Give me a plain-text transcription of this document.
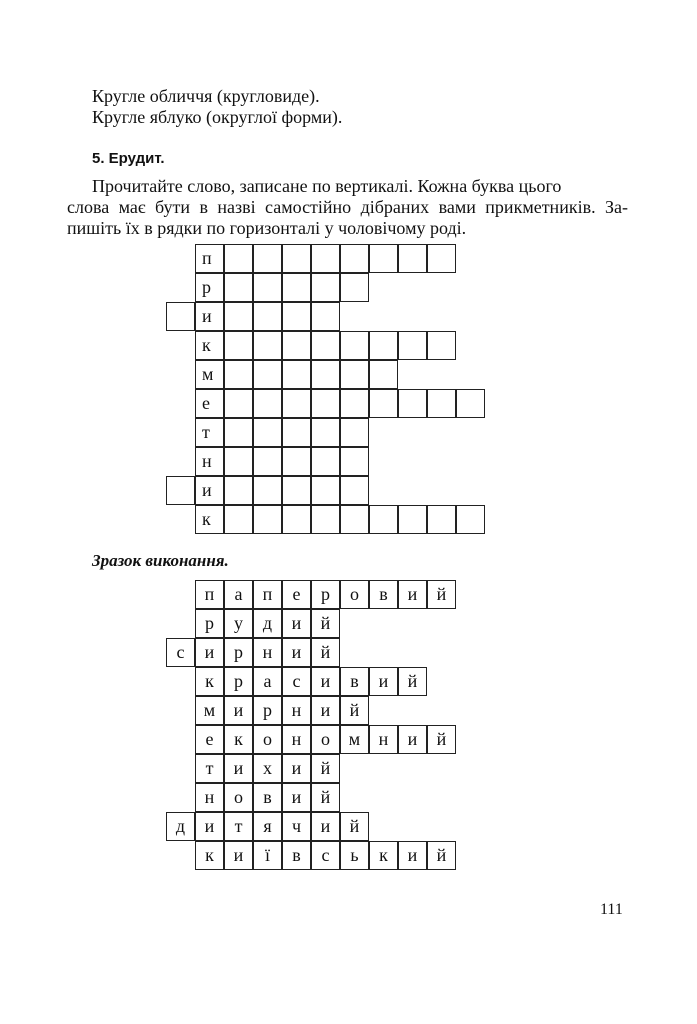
Кругле обличчя (кругловиде).
Кругле яблуко (округлої форми).
5. Ерудит.
Прочитайте слово, записане по вертикалі. Кожна буква цього
слова має бути в назві самостійно дібраних вами прикметників. За-
пишіть їх в рядки по горизонталі у чоловічому роді.
п
р
и
к
м
е
т
н
и
к
Зразок виконання.
п	а	п	е	р	о	в	и	й
р	у	д	и	й
с	и	р	н	и	й
к	р	а	с	и	в	и	й
м	и	р	н	и	й
е	к	о	н	о	м	н	и	й
т	и	х	и	й
н	о	в	и	й
д	и	т	я	ч	и	й
к	и	ї	в	с	ь	к	и	й
111
